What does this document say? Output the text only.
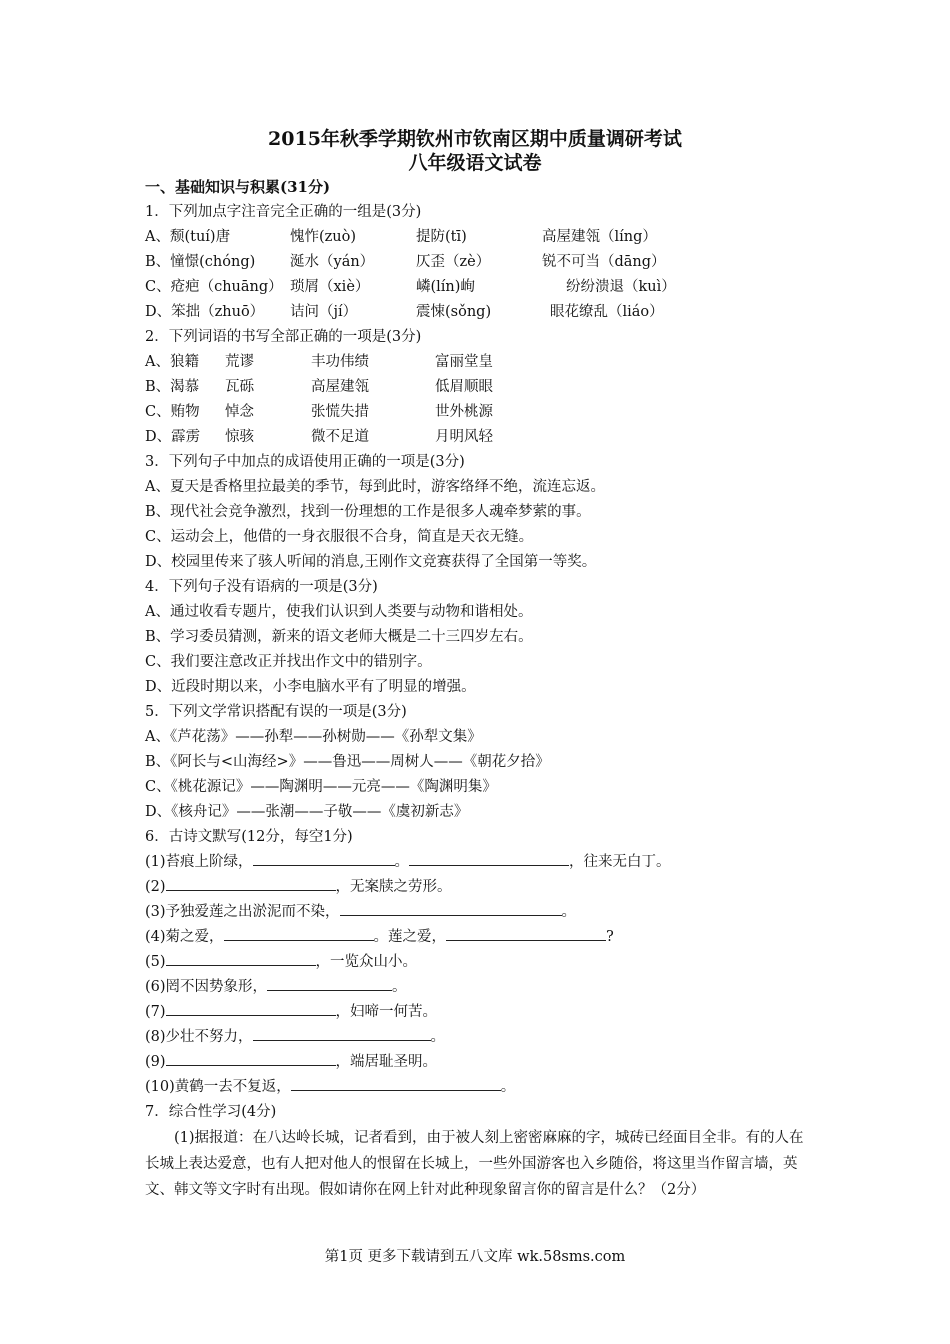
2015年秋季学期钦州市钦南区期中质量调研考试
八年级语文试卷
一、基础知识与积累(31分)
1．下列加点字注音完全正确的一组是(3分)
A、颓(tuí)唐	愧怍(zuò)	提防(tī)	高屋建瓴（líng）
B、憧憬(chóng)	涎水（yán）	仄歪（zè）	锐不可当（dāng）
C、疮疤（chuāng） 琐屑（xiè）	嶙(lín)峋	纷纷溃退（kuì）
D、笨拙（zhuō）	诘问（jí）	震悚(sǒng)	眼花缭乱（liáo）
2．下列词语的书写全部正确的一项是(3分)
A、狼籍	荒谬	丰功伟绩	富丽堂皇
B、渴慕	瓦砾	高屋建瓴	低眉顺眼
C、贿物	悼念	张慌失措	世外桃源
D、霹雳	惊骇	微不足道	月明风轻
3．下列句子中加点的成语使用正确的一项是(3分)
A、夏天是香格里拉最美的季节，每到此时，游客络绎不绝，流连忘返。
B、现代社会竞争激烈，找到一份理想的工作是很多人魂牵梦萦的事。
C、运动会上，他借的一身衣服很不合身，简直是天衣无缝。
D、校园里传来了骇人听闻的消息,王刚作文竞赛获得了全国第一等奖。
4．下列句子没有语病的一项是(3分)
A、通过收看专题片，使我们认识到人类要与动物和谐相处。
B、学习委员猜测，新来的语文老师大概是二十三四岁左右。
C、我们要注意改正并找出作文中的错别字。
D、近段时期以来，小李电脑水平有了明显的增强。
5．下列文学常识搭配有误的一项是(3分)
A、《芦花荡》——孙犁——孙树勋——《孙犁文集》
B、《阿长与<山海经>》——鲁迅——周树人——《朝花夕拾》
C、《桃花源记》——陶渊明——元亮——《陶渊明集》
D、《核舟记》——张潮——子敬——《虞初新志》
6．古诗文默写(12分，每空1分)
(1)苔痕上阶绿，	。	，往来无白丁。
(2)	，无案牍之劳形。
(3)予独爱莲之出淤泥而不染，	。
(4)菊之爱，	。莲之爱，	?
(5)	，一览众山小。
(6)罔不因势象形，	。
(7)	，妇啼一何苦。
(8)少壮不努力，	。
(9)	，端居耻圣明。
(10)黄鹤一去不复返，	。
7．综合性学习(4分)
(1)据报道：在八达岭长城，记者看到，由于被人刻上密密麻麻的字，城砖已经面目全非。有的人在长城上表达爱意，也有人把对他人的恨留在长城上，一些外国游客也入乡随俗，将这里当作留言墙，英文、韩文等文字时有出现。假如请你在网上针对此种现象留言你的留言是什么？（2分）
第1页 更多下载请到五八文库 wk.58sms.com
